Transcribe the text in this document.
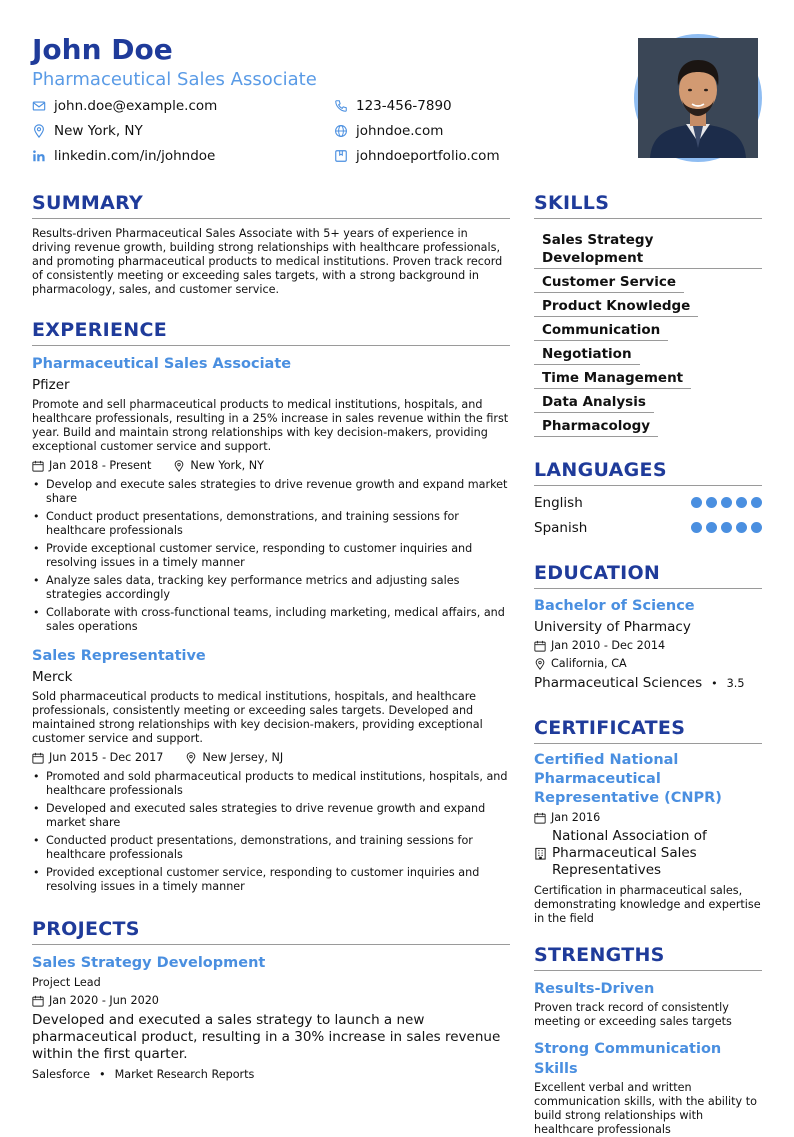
John Doe
Pharmaceutical Sales Associate
john.doe@example.com	123-456-7890
New York, NY	johndoe.com
linkedin.com/in/johndoe	johndoeportfolio.com
SUMMARY
Results-driven Pharmaceutical Sales Associate with 5+ years of experience in driving revenue growth, building strong relationships with healthcare professionals, and promoting pharmaceutical products to medical institutions. Proven track record of consistently meeting or exceeding sales targets, with a strong background in pharmacology, sales, and customer service.
EXPERIENCE
Pharmaceutical Sales Associate
Pfizer
Promote and sell pharmaceutical products to medical institutions, hospitals, and healthcare professionals, resulting in a 25% increase in sales revenue within the first year. Build and maintain strong relationships with key decision-makers, providing exceptional customer service and support.
Jan 2018 - Present	New York, NY
• Develop and execute sales strategies to drive revenue growth and expand market share
• Conduct product presentations, demonstrations, and training sessions for healthcare professionals
• Provide exceptional customer service, responding to customer inquiries and resolving issues in a timely manner
• Analyze sales data, tracking key performance metrics and adjusting sales strategies accordingly
• Collaborate with cross-functional teams, including marketing, medical affairs, and sales operations
Sales Representative
Merck
Sold pharmaceutical products to medical institutions, hospitals, and healthcare professionals, consistently meeting or exceeding sales targets. Developed and maintained strong relationships with key decision-makers, providing exceptional customer service and support.
Jun 2015 - Dec 2017	New Jersey, NJ
• Promoted and sold pharmaceutical products to medical institutions, hospitals, and healthcare professionals
• Developed and executed sales strategies to drive revenue growth and expand market share
• Conducted product presentations, demonstrations, and training sessions for healthcare professionals
• Provided exceptional customer service, responding to customer inquiries and resolving issues in a timely manner
PROJECTS
Sales Strategy Development
Project Lead
Jan 2020 - Jun 2020
Developed and executed a sales strategy to launch a new pharmaceutical product, resulting in a 30% increase in sales revenue within the first quarter.
Salesforce • Market Research Reports
SKILLS
Sales Strategy Development
Customer Service
Product Knowledge
Communication
Negotiation
Time Management
Data Analysis
Pharmacology
LANGUAGES
English
Spanish
EDUCATION
Bachelor of Science
University of Pharmacy
Jan 2010 - Dec 2014
California, CA
Pharmaceutical Sciences • 3.5
CERTIFICATES
Certified National Pharmaceutical Representative (CNPR)
Jan 2016
National Association of Pharmaceutical Sales Representatives
Certification in pharmaceutical sales, demonstrating knowledge and expertise in the field
STRENGTHS
Results-Driven
Proven track record of consistently meeting or exceeding sales targets
Strong Communication Skills
Excellent verbal and written communication skills, with the ability to build strong relationships with healthcare professionals
